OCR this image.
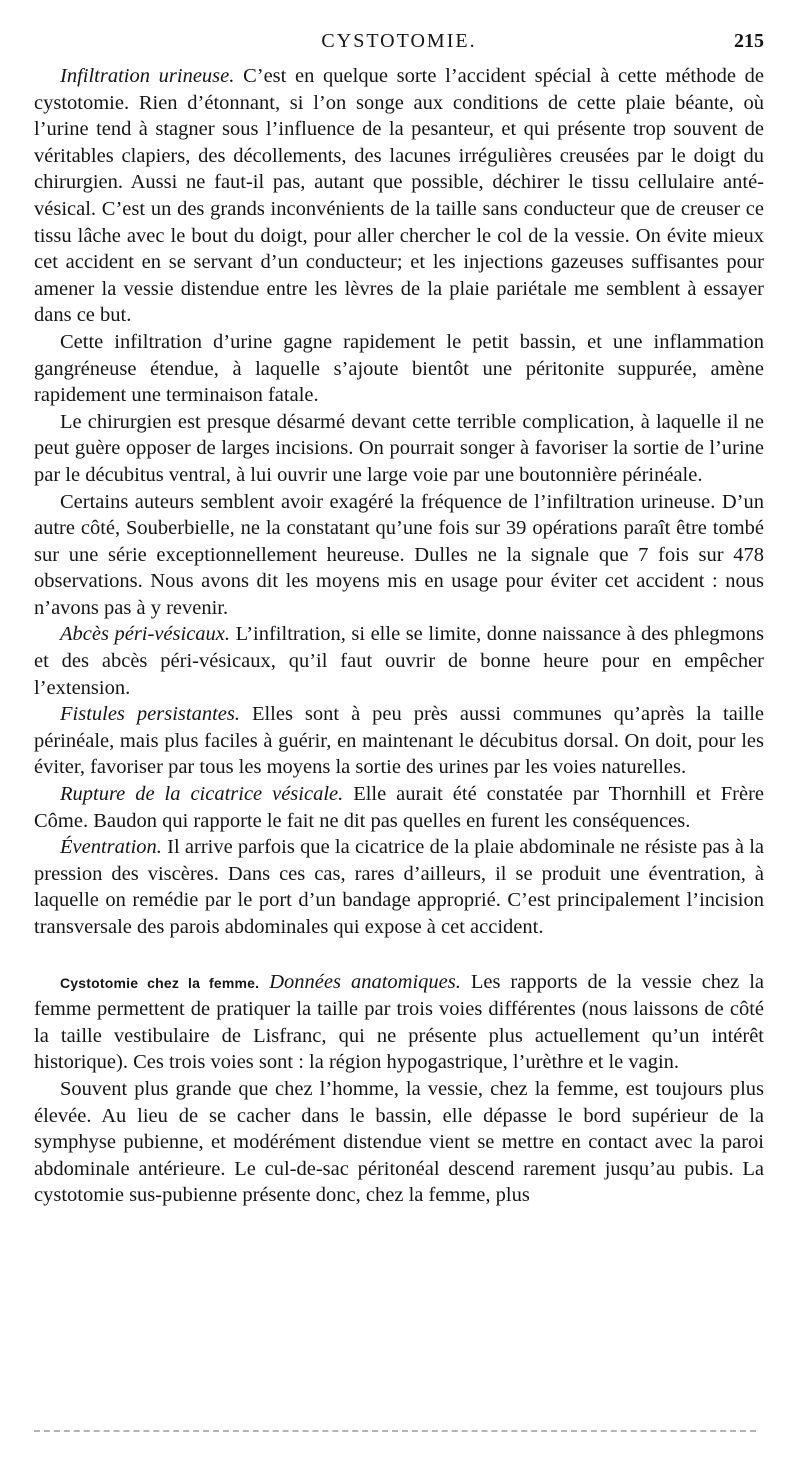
CYSTOTOMIE.	215

Infiltration urineuse. C’est en quelque sorte l’accident spécial à cette méthode de cystotomie. Rien d’étonnant, si l’on songe aux conditions de cette plaie béante, où l’urine tend à stagner sous l’influence de la pesanteur, et qui présente trop souvent de véritables clapiers, des décollements, des lacunes irrégulières creusées par le doigt du chirurgien. Aussi ne faut-il pas, autant que possible, déchirer le tissu cellulaire anté-vésical. C’est un des grands inconvénients de la taille sans conducteur que de creuser ce tissu lâche avec le bout du doigt, pour aller chercher le col de la vessie. On évite mieux cet accident en se servant d’un conducteur; et les injections gazeuses suffisantes pour amener la vessie distendue entre les lèvres de la plaie pariétale me semblent à essayer dans ce but.

Cette infiltration d’urine gagne rapidement le petit bassin, et une inflammation gangréneuse étendue, à laquelle s’ajoute bientôt une péritonite suppurée, amène rapidement une terminaison fatale.

Le chirurgien est presque désarmé devant cette terrible complication, à laquelle il ne peut guère opposer de larges incisions. On pourrait songer à favoriser la sortie de l’urine par le décubitus ventral, à lui ouvrir une large voie par une boutonnière périnéale.

Certains auteurs semblent avoir exagéré la fréquence de l’infiltration urineuse. D’un autre côté, Souberbielle, ne la constatant qu’une fois sur 39 opérations paraît être tombé sur une série exceptionnellement heureuse. Dulles ne la signale que 7 fois sur 478 observations. Nous avons dit les moyens mis en usage pour éviter cet accident : nous n’avons pas à y revenir.

Abcès péri-vésicaux. L’infiltration, si elle se limite, donne naissance à des phlegmons et des abcès péri-vésicaux, qu’il faut ouvrir de bonne heure pour en empêcher l’extension.

Fistules persistantes. Elles sont à peu près aussi communes qu’après la taille périnéale, mais plus faciles à guérir, en maintenant le décubitus dorsal. On doit, pour les éviter, favoriser par tous les moyens la sortie des urines par les voies naturelles.

Rupture de la cicatrice vésicale. Elle aurait été constatée par Thornhill et Frère Côme. Baudon qui rapporte le fait ne dit pas quelles en furent les conséquences.

Éventration. Il arrive parfois que la cicatrice de la plaie abdominale ne résiste pas à la pression des viscères. Dans ces cas, rares d’ailleurs, il se produit une éventration, à laquelle on remédie par le port d’un bandage approprié. C’est principalement l’incision transversale des parois abdominales qui expose à cet accident.

Cystotomie chez la femme. Données anatomiques. Les rapports de la vessie chez la femme permettent de pratiquer la taille par trois voies différentes (nous laissons de côté la taille vestibulaire de Lisfranc, qui ne présente plus actuellement qu’un intérêt historique). Ces trois voies sont : la région hypogastrique, l’urèthre et le vagin.

Souvent plus grande que chez l’homme, la vessie, chez la femme, est toujours plus élevée. Au lieu de se cacher dans le bassin, elle dépasse le bord supérieur de la symphyse pubienne, et modérément distendue vient se mettre en contact avec la paroi abdominale antérieure. Le cul-de-sac péritonéal descend rarement jusqu’au pubis. La cystotomie sus-pubienne présente donc, chez la femme, plus
